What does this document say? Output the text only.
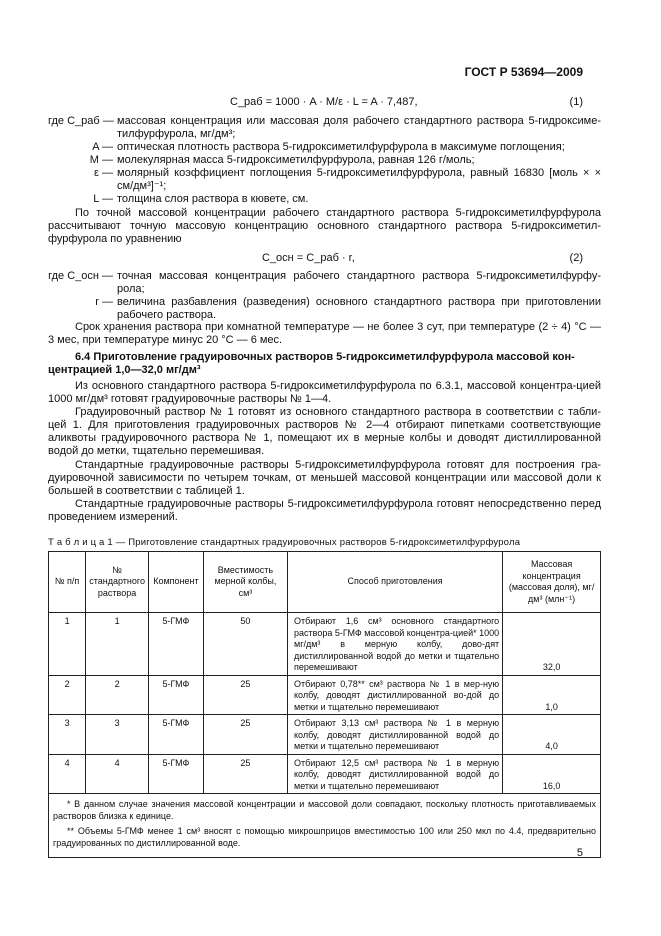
ГОСТ Р 53694—2009
C_раб = 1000 · A · M/ε · L = A · 7,487,	(1)
где C_раб — массовая концентрация или массовая доля рабочего стандартного раствора 5-гидроксиме-тилфурфурола, мг/дм³;
A — оптическая плотность раствора 5-гидроксиметилфурфурола в максимуме поглощения;
M — молекулярная масса 5-гидроксиметилфурфурола, равная 126 г/моль;
ε — молярный коэффициент поглощения 5-гидроксиметилфурфурола, равный 16830 [моль × × см/дм³]⁻¹;
L — толщина слоя раствора в кювете, см.
По точной массовой концентрации рабочего стандартного раствора 5-гидроксиметилфурфурола рассчитывают точную массовую концентрацию основного стандартного раствора 5-гидроксиметил-фурфурола по уравнению
C_осн = C_раб · r,	(2)
где C_осн — точная массовая концентрация рабочего стандартного раствора 5-гидроксиметилфурфу-рола;
r — величина разбавления (разведения) основного стандартного раствора при приготовлении рабочего раствора.
Срок хранения раствора при комнатной температуре — не более 3 сут, при температуре (2 ÷ 4) °С — 3 мес, при температуре минус 20 °С — 6 мес.
6.4 Приготовление градуировочных растворов 5-гидроксиметилфурфурола массовой кон-центрацией 1,0—32,0 мг/дм³
Из основного стандартного раствора 5-гидроксиметилфурфурола по 6.3.1, массовой концентра-цией 1000 мг/дм³ готовят градуировочные растворы № 1—4.
Градуировочный раствор № 1 готовят из основного стандартного раствора в соответствии с табли-цей 1. Для приготовления градуировочных растворов № 2—4 отбирают пипетками соответствующие аликвоты градуировочного раствора № 1, помещают их в мерные колбы и доводят дистиллированной водой до метки, тщательно перемешивая.
Стандартные градуировочные растворы 5-гидроксиметилфурфурола готовят для построения гра-дуировочной зависимости по четырем точкам, от меньшей массовой концентрации или массовой доли к большей в соответствии с таблицей 1.
Стандартные градуировочные растворы 5-гидроксиметилфурфурола готовят непосредственно перед проведением измерений.
Т а б л и ц а 1 — Приготовление стандартных градуировочных растворов 5-гидроксиметилфурфурола
№ п/п	№ стандартного раствора	Компонент	Вместимость мерной колбы, см³	Способ приготовления	Массовая концентрация (массовая доля), мг/дм³ (млн⁻¹)
1	1	5-ГМФ	50	Отбирают 1,6 см³ основного стандартного раствора 5-ГМФ массовой концентра-цией* 1000 мг/дм³ в мерную колбу, дово-дят дистиллированной водой до метки и тщательно перемешивают	32,0
2	2	5-ГМФ	25	Отбирают 0,78** см³ раствора № 1 в мер-ную колбу, доводят дистиллированной во-дой до метки и тщательно перемешивают	1,0
3	3	5-ГМФ	25	Отбирают 3,13 см³ раствора № 1 в мерную колбу, доводят дистиллированной водой до метки и тщательно перемешивают	4,0
4	4	5-ГМФ	25	Отбирают 12,5 см³ раствора № 1 в мерную колбу, доводят дистиллированной водой до метки и тщательно перемешивают	16,0

* В данном случае значения массовой концентрации и массовой доли совпадают, поскольку плотность приготавливаемых растворов близка к единице.

** Объемы 5-ГМФ менее 1 см³ вносят с помощью микрошприцов вместимостью 100 или 250 мкл по 4.4, предварительно градуированных по дистиллированной воде.					

5
